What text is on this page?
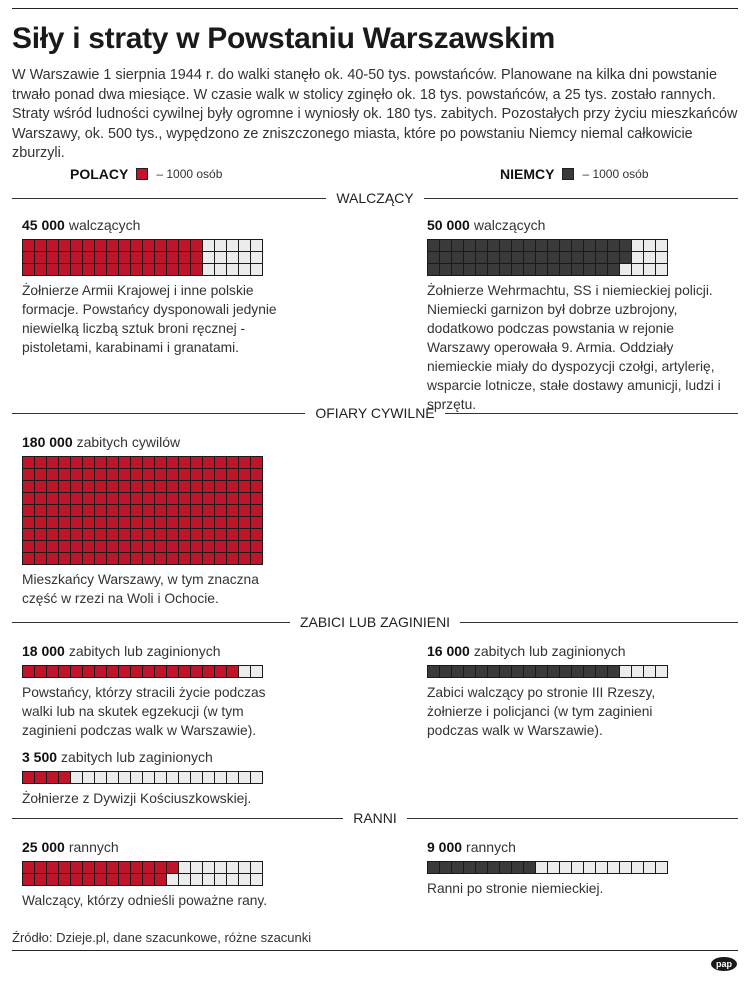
Siły i straty w Powstaniu Warszawskim

W Warszawie 1 sierpnia 1944 r. do walki stanęło ok. 40-50 tys. powstańców. Planowane na kilka dni powstanie trwało ponad dwa miesiące. W czasie walk w stolicy zginęło ok. 18 tys. powstańców, a 25 tys. zostało rannych. Straty wśród ludności cywilnej były ogromne i wyniosły ok. 180 tys. zabitych. Pozostałych przy życiu mieszkańców Warszawy, ok. 500 tys., wypędzono ze zniszczonego miasta, które po powstaniu Niemcy niemal całkowicie zburzyli.

POLACY – 1000 osób	NIEMCY – 1000 osób
WALCZĄCY
45 000 walczących
Żołnierze Armii Krajowej i inne polskie formacje. Powstańcy dysponowali jedynie niewielką liczbą sztuk broni ręcznej - pistoletami, karabinami i granatami.
50 000 walczących
Żołnierze Wehrmachtu, SS i niemieckiej policji. Niemiecki garnizon był dobrze uzbrojony, dodatkowo podczas powstania w rejonie Warszawy operowała 9. Armia. Oddziały niemieckie miały do dyspozycji czołgi, artylerię, wsparcie lotnicze, stałe dostawy amunicji, ludzi i sprzętu.
OFIARY CYWILNE
180 000 zabitych cywilów
Mieszkańcy Warszawy, w tym znaczna część w rzezi na Woli i Ochocie.
ZABICI LUB ZAGINIENI
18 000 zabitych lub zaginionych
Powstańcy, którzy stracili życie podczas walki lub na skutek egzekucji (w tym zaginieni podczas walk w Warszawie).
3 500 zabitych lub zaginionych
Żołnierze z Dywizji Kościuszkowskiej.
16 000 zabitych lub zaginionych
Zabici walczący po stronie III Rzeszy, żołnierze i policjanci (w tym zaginieni podczas walk w Warszawie).
RANNI
25 000 rannych
Walczący, którzy odnieśli poważne rany.
9 000 rannych
Ranni po stronie niemieckiej.
Źródło: Dzieje.pl, dane szacunkowe, różne szacunki
pap
